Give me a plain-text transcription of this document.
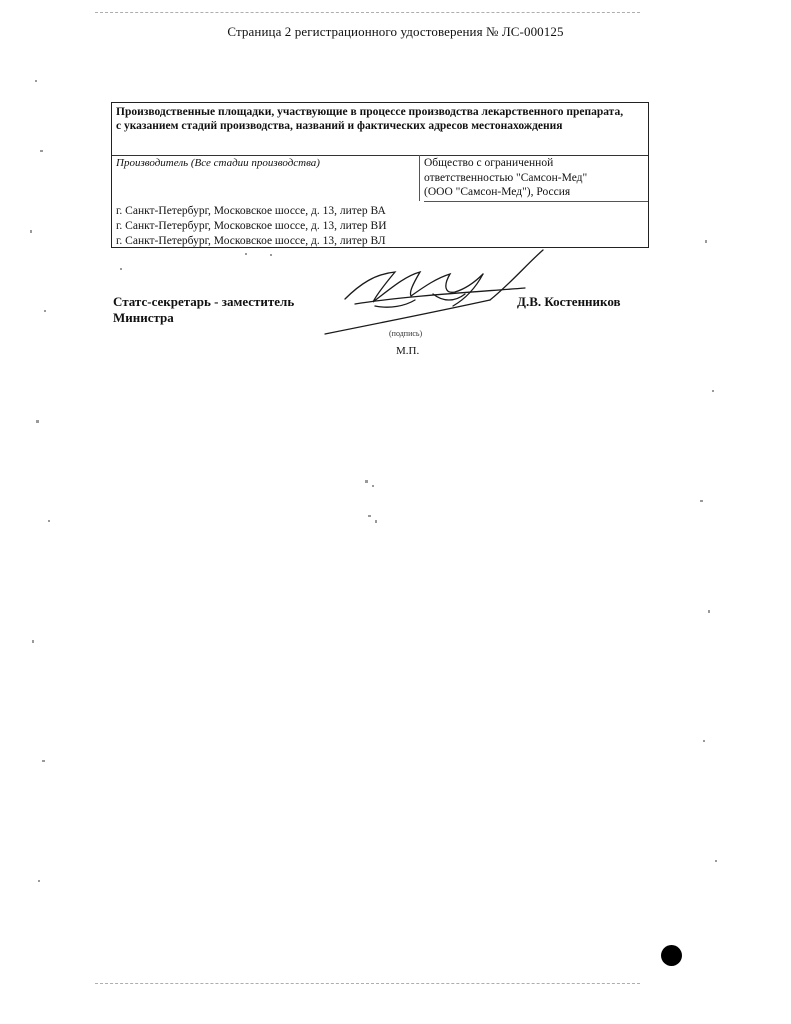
Страница 2 регистрационного удостоверения № ЛС-000125
Производственные площадки, участвующие в процессе производства лекарственного препарата, с указанием стадий производства, названий и фактических адресов местонахождения
Производитель (Все стадии производства)	Общество с ограниченной
ответственностью "Самсон-Мед"
(ООО "Самсон-Мед"), Россия
г. Санкт-Петербург, Московское шоссе, д. 13, литер ВА
г. Санкт-Петербург, Московское шоссе, д. 13, литер ВИ
г. Санкт-Петербург, Московское шоссе, д. 13, литер ВЛ
Статс-секретарь - заместитель
Министра
Д.В. Костенников
(подпись)
М.П.
